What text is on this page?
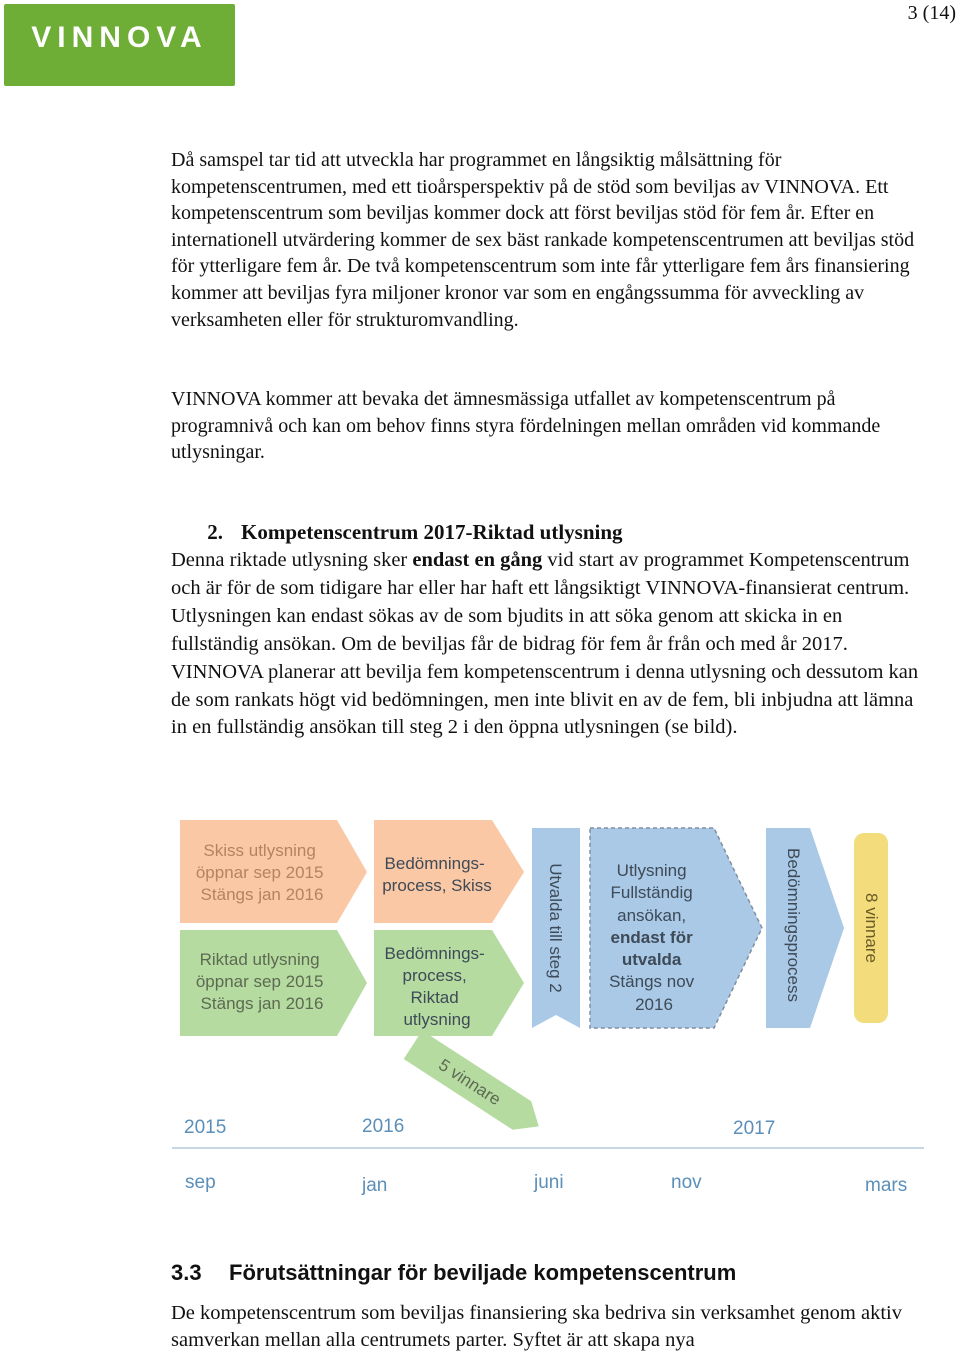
VINNOVA
3 (14)

Då samspel tar tid att utveckla har programmet en långsiktig målsättning för kompetenscentrumen, med ett tioårsperspektiv på de stöd som beviljas av VINNOVA. Ett kompetenscentrum som beviljas kommer dock att först beviljas stöd för fem år. Efter en internationell utvärdering kommer de sex bäst rankade kompetenscentrumen att beviljas stöd för ytterligare fem år. De två kompetenscentrum som inte får ytterligare fem års finansiering kommer att beviljas fyra miljoner kronor var som en engångssumma för avveckling av verksamheten eller för strukturomvandling.

VINNOVA kommer att bevaka det ämnesmässiga utfallet av kompetenscentrum på programnivå och kan om behov finns styra fördelningen mellan områden vid kommande utlysningar.

2. Kompetenscentrum 2017-Riktad utlysning

Denna riktade utlysning sker endast en gång vid start av programmet Kompetenscentrum och är för de som tidigare har eller har haft ett långsiktigt VINNOVA-finansierat centrum. Utlysningen kan endast sökas av de som bjudits in att söka genom att skicka in en fullständig ansökan. Om de beviljas får de bidrag för fem år från och med år 2017. VINNOVA planerar att bevilja fem kompetenscentrum i denna utlysning och dessutom kan de som rankats högt vid bedömningen, men inte blivit en av de fem, bli inbjudna att lämna in en fullständig ansökan till steg 2 i den öppna utlysningen (se bild).

Skiss utlysning öppnar sep 2015 Stängs jan 2016
Riktad utlysning öppnar sep 2015 Stängs jan 2016
Bedömnings- process, Skiss
Bedömnings- process, Riktad utlysning
Utvalda till steg 2	Utlysning Fullständig ansökan, endast för utvalda Stängs nov 2016
Bedömningsprocess	8 vinnare
5 vinnare
2015	2016	2017
sep	jan	juni	nov	mars
3.3 Förutsättningar för beviljade kompetenscentrum

De kompetenscentrum som beviljas finansiering ska bedriva sin verksamhet genom aktiv samverkan mellan alla centrumets parter. Syftet är att skapa nya
